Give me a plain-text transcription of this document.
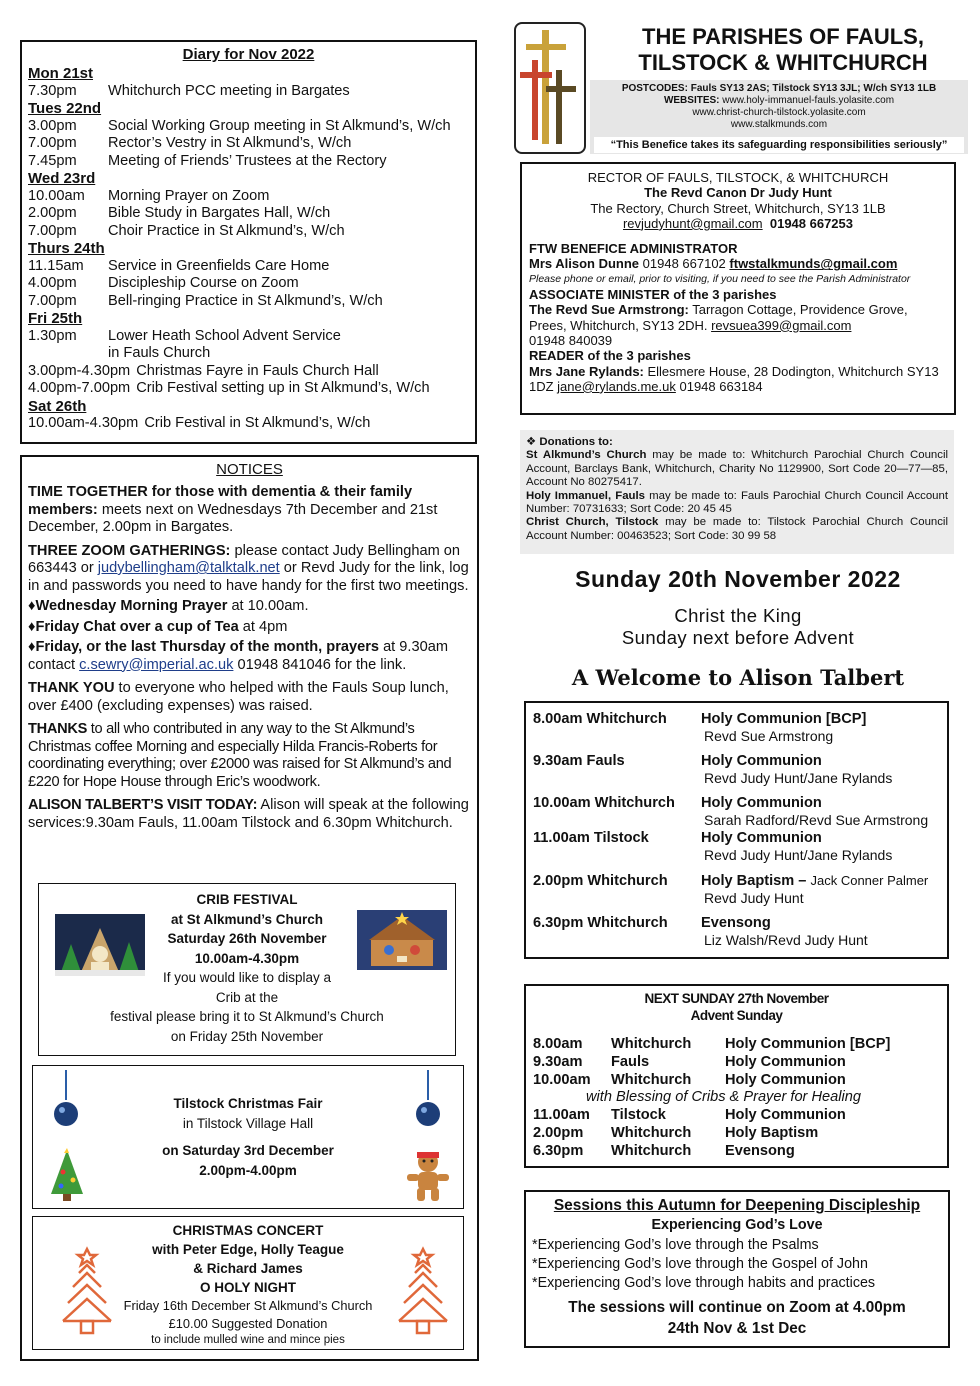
Diary for Nov 2022
Mon 21st
7.30pm	Whitchurch PCC meeting in Bargates
Tues 22nd
3.00pm	Social Working Group meeting in St Alkmund’s, W/ch
7.00pm	Rector’s Vestry in St Alkmund’s, W/ch
7.45pm	Meeting of Friends’ Trustees at the Rectory
Wed 23rd
10.00am	Morning Prayer on Zoom
2.00pm	Bible Study in Bargates Hall, W/ch
7.00pm	Choir Practice in St Alkmund’s, W/ch
Thurs 24th
11.15am	Service in Greenfields Care Home
4.00pm	Discipleship Course on Zoom
7.00pm	Bell-ringing Practice in St Alkmund’s, W/ch
Fri 25th
1.30pm	Lower Heath School Advent Service
in Fauls Church
3.00pm-4.30pm Christmas Fayre in Fauls Church Hall
4.00pm-7.00pm Crib Festival setting up in St Alkmund’s, W/ch
Sat 26th
10.00am-4.30pm Crib Festival in St Alkmund’s, W/ch
NOTICES

TIME TOGETHER for those with dementia & their family members: meets next on Wednesdays 7th December and 21st December, 2.00pm in Bargates.

THREE ZOOM GATHERINGS: please contact Judy Bellingham on 663443 or judybellingham@talktalk.net or Revd Judy for the link, log in and passwords you need to have handy for the first two meetings.

♦Wednesday Morning Prayer at 10.00am.

♦Friday Chat over a cup of Tea at 4pm

♦Friday, or the last Thursday of the month, prayers at 9.30am contact c.sewry@imperial.ac.uk 01948 841046 for the link.

THANK YOU to everyone who helped with the Fauls Soup lunch, over £400 (excluding expenses) was raised.

THANKS to all who contributed in any way to the St Alkmund’s Christmas coffee Morning and especially Hilda Francis-Roberts for coordinating everything; over £2000 was raised for St Alkmund’s and £220 for Hope House through Eric’s woodwork.

ALISON TALBERT’S VISIT TODAY: Alison will speak at the following services:9.30am Fauls, 11.00am Tilstock and 6.30pm Whitchurch.

CRIB FESTIVAL
at St Alkmund’s Church
Saturday 26th November
10.00am-4.30pm
If you would like to display a
Crib at the
festival please bring it to St Alkmund’s Church
on Friday 25th November
Tilstock Christmas Fair
in Tilstock Village Hall
on Saturday 3rd December
2.00pm-4.00pm
CHRISTMAS CONCERT
with Peter Edge, Holly Teague
& Richard James
O HOLY NIGHT
Friday 16th December St Alkmund’s Church
£10.00 Suggested Donation
to include mulled wine and mince pies
THE PARISHES OF FAULS,
TILSTOCK & WHITCHURCH
POSTCODES: Fauls SY13 2AS; Tilstock SY13 3JL; W/ch SY13 1LB
WEBSITES: www.holy-immanuel-fauls.yolasite.com
www.christ-church-tilstock.yolasite.com
www.stalkmunds.com
“This Benefice takes its safeguarding responsibilities seriously”
RECTOR OF FAULS, TILSTOCK, & WHITCHURCH
The Revd Canon Dr Judy Hunt
The Rectory, Church Street, Whitchurch, SY13 1LB
revjudyhunt@gmail.com 01948 667253
FTW BENEFICE ADMINISTRATOR
Mrs Alison Dunne 01948 667102 ftwstalkmunds@gmail.com
Please phone or email, prior to visiting, if you need to see the Parish Administrator
ASSOCIATE MINISTER of the 3 parishes
The Revd Sue Armstrong: Tarragon Cottage, Providence Grove, Prees, Whitchurch, SY13 2DH. revsuea399@gmail.com
01948 840039
READER of the 3 parishes
Mrs Jane Rylands: Ellesmere House, 28 Dodington, Whitchurch SY13 1DZ jane@rylands.me.uk 01948 663184
❖ Donations to:
St Alkmund’s Church may be made to: Whitchurch Parochial Church Council Account, Barclays Bank, Whitchurch, Charity No 1129900, Sort Code 20—77—85, Account No 80275417.
Holy Immanuel, Fauls may be made to: Fauls Parochial Church Council Account Number: 70731633; Sort Code: 20 45 45
Christ Church, Tilstock may be made to: Tilstock Parochial Church Council Account Number: 00463523; Sort Code: 30 99 58
Sunday 20th November 2022
Christ the King
Sunday next before Advent
A Welcome to Alison Talbert
8.00am Whitchurch Holy Communion [BCP]
Revd Sue Armstrong
9.30am Fauls	Holy Communion
Revd Judy Hunt/Jane Rylands
10.00am Whitchurch Holy Communion
Sarah Radford/Revd Sue Armstrong
11.00am Tilstock	Holy Communion
Revd Judy Hunt/Jane Rylands
2.00pm Whitchurch Holy Baptism – Jack Conner Palmer
Revd Judy Hunt
6.30pm Whitchurch Evensong
Liz Walsh/Revd Judy Hunt
NEXT SUNDAY 27th November
Advent Sunday
8.00am Whitchurch Holy Communion [BCP]
9.30am Fauls	Holy Communion
10.00am Whitchurch Holy Communion
11.00am Tilstock	Holy Communion
2.00pm Whitchurch Holy Baptism
6.30pm Whitchurch Evensong
with Blessing of Cribs & Prayer for Healing
Sessions this Autumn for Deepening Discipleship
Experiencing God’s Love
*Experiencing God’s love through the Psalms
*Experiencing God’s love through the Gospel of John
*Experiencing God’s love through habits and practices
The sessions will continue on Zoom at 4.00pm
24th Nov & 1st Dec
